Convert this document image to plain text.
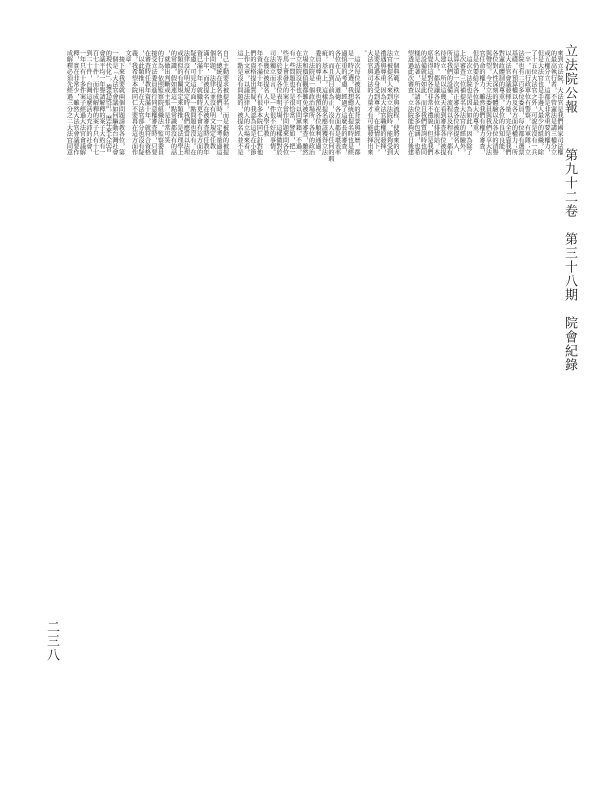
立法院公報
第九十二卷　第三十八期　院會紀錄
二三八
來到立法院，大法官是我們國家司法權
的最高執行者，不管憲法是講三權分立
或五權分立，這都是非常重要的權力，
但是大法官也是手邊人最少的組織，除
了十五位大法官之外，可說是沒有一兵
一卒，而行政單位有警察，有軍隊；立
法院也有二百多位委員，每位都有選票
基礎，有預算權以及各方面的權力；所
以大法官會議發揮力量，完全是靠我們
對憲政體制的尊重，各位的良知良能，
各位對人性深刻的體驗以及各位的清譽
與聲望。今天立法委員與我們分享大法
官任命的權力，雖然我們有權力審查，
但是仍要給予各位最大的尊重。
　這次立法院也是因為如此，因為除了
上次審查三位補提名大法官的經驗外，
這算是第一次真正審查各位被提名人，
所以我們的設備、流程以及程序，都有
待建立，所以這幾天看到審查各位被提
名人時，都是讓各位在前面排排站，本
席覺得這對各位非常不禮貌，但是我們
的設備就是如此，而且我們質詢時也同
樣是站著，所以請各位多多包涵，也希
望透過此次審查，立法院能夠在日後建
立一個典範、秩序與流程，使將來的大
法官被提名人來到立法院時，能夠受到
禮遇與尊重，因為大法官職權的發揮，
是要透過本身受到尊重，在此情況下，
大法官與司法的力量才有可能發揮出來
。
　這次每位被提名人的背景與經歷，都
是一時之選，我想總統在提名時也是經
過慎重的考慮，經過了這麼長的審查，
各位在人品、道德、各方面都是堪表率
的，而且到目前為止，沒有人有任何的瑕
疵，基本上，這樣的提名應該獲得立法
委員的尊重，我也預祝各位順利通過。
　立法院是一個政治場所，各位的政治
立場和價值觀都難免被拿來審查，雖然
在立法院沒有也不可以問黨籍，不過，
有一些問題也不是很恰當，譬如，把一
些馬上會發生的案子當作問題來問各位
，等於要求各位表明立場，這樣做對於
司法獨立而言，是一件很不好的事情。
　在幾位被提名人中，大學任教
年資不滿十年，有很多本院同仁針對他
們的資格提出質疑，我認為這是在小節
上作文章，以議法律的人的立場來看，
這一點是沒有問題的，被提名人並不是
自己主動要求被提名，而是被動的被提
名，總統在提名他們時，一定考量過這
個問題，法律上並沒有明文規定任教
滿十年，而被提名人在被審查時任教年
資已滿十年，就職時更不會有這方面的
疑慮，可見這方面一點問題也沒有。在
法律沒有明文規定時，我們應當以法理
或類似的有關規定來類推，是法理學上
的常識，假如連這一點常識都沒有的話
，就做出判斷或主張，是非常可笑
的行為。依照監察院組織法，監察委員
接受立法委員進行同意權審查時，只要
在審查時任教年資滿十年，就符合資格
，以此類推，用在大法官部分也沒有疑
義，我希望本院同仁不要再在這方面作
文章。
　接下來我要就兩個問題請教各位，第
一個是「大法官會議如何驅動台灣社會
的現代化」，據我統計，歷年來大法官
會議平均一年譽請解釋的案子大約有一
百七十件，而作成解釋的案子只有十七
到二十件，台灣這麼活力充沛的社會，
一年只有十多件案子經過大法官會議解
釋，實在非常少，雖然大法官會議要作
成解釋必須先經過三分之二大法官同意
